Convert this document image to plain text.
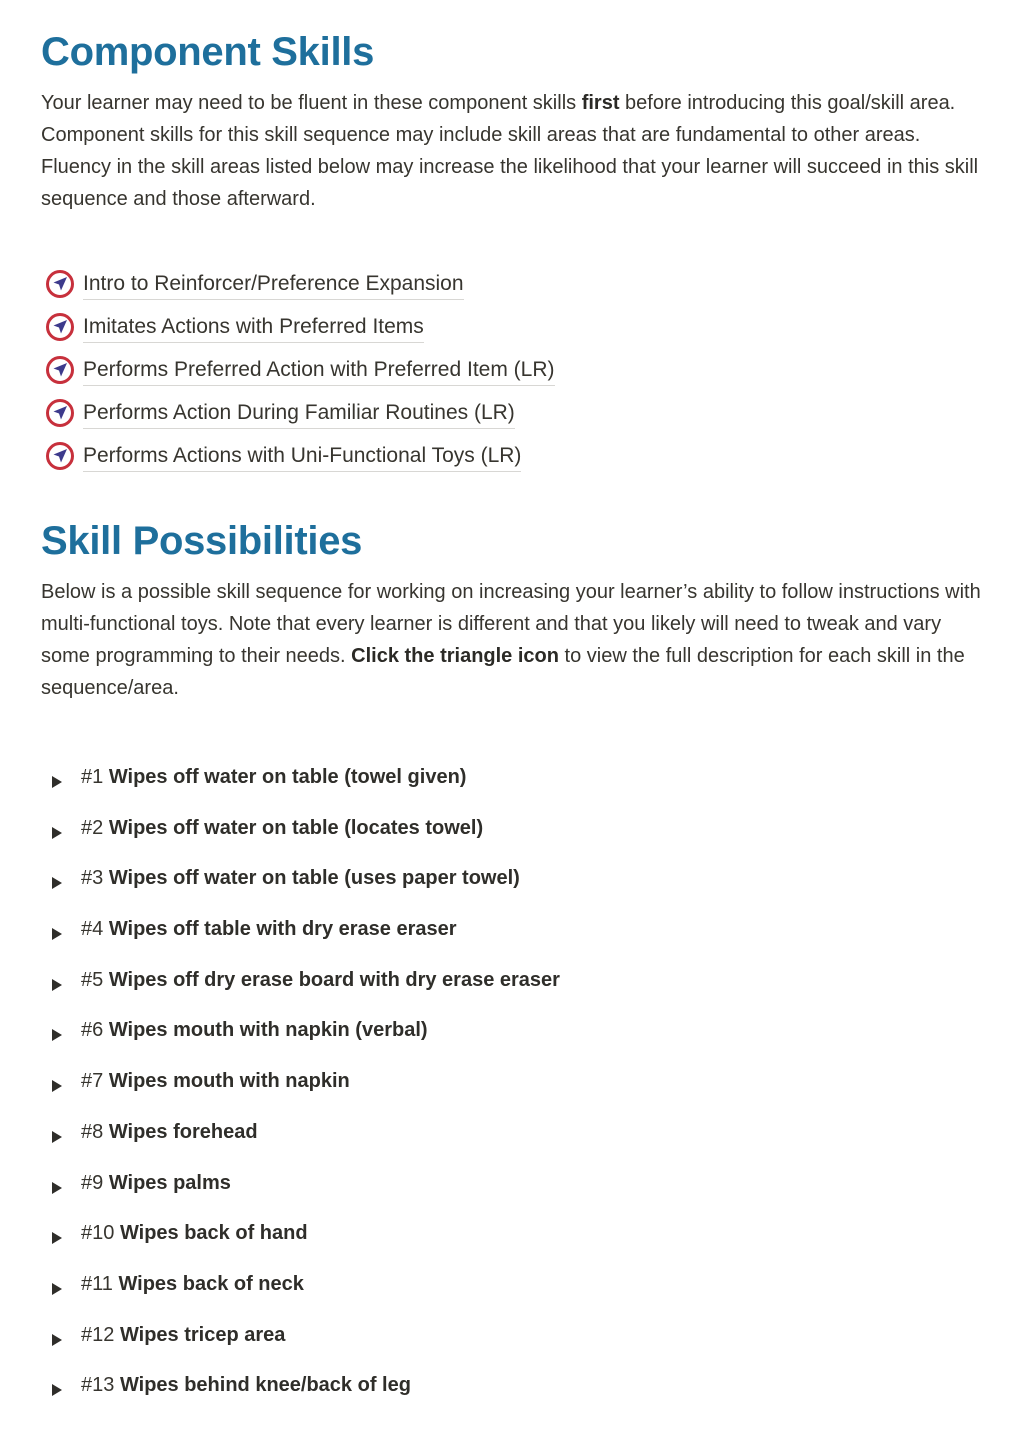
Component Skills

Your learner may need to be fluent in these component skills first before introducing this goal/skill area. Component skills for this skill sequence may include skill areas that are fundamental to other areas. Fluency in the skill areas listed below may increase the likelihood that your learner will succeed in this skill sequence and those afterward.

Intro to Reinforcer/Preference Expansion
Imitates Actions with Preferred Items
Performs Preferred Action with Preferred Item (LR)
Performs Action During Familiar Routines (LR)
Performs Actions with Uni-Functional Toys (LR)
Skill Possibilities

Below is a possible skill sequence for working on increasing your learner’s ability to follow instructions with multi-functional toys. Note that every learner is different and that you likely will need to tweak and vary some programming to their needs. Click the triangle icon to view the full description for each skill in the sequence/area.

#1 Wipes off water on table (towel given)
#2 Wipes off water on table (locates towel)
#3 Wipes off water on table (uses paper towel)
#4 Wipes off table with dry erase eraser
#5 Wipes off dry erase board with dry erase eraser
#6 Wipes mouth with napkin (verbal)
#7 Wipes mouth with napkin
#8 Wipes forehead
#9 Wipes palms
#10 Wipes back of hand
#11 Wipes back of neck
#12 Wipes tricep area
#13 Wipes behind knee/back of leg
